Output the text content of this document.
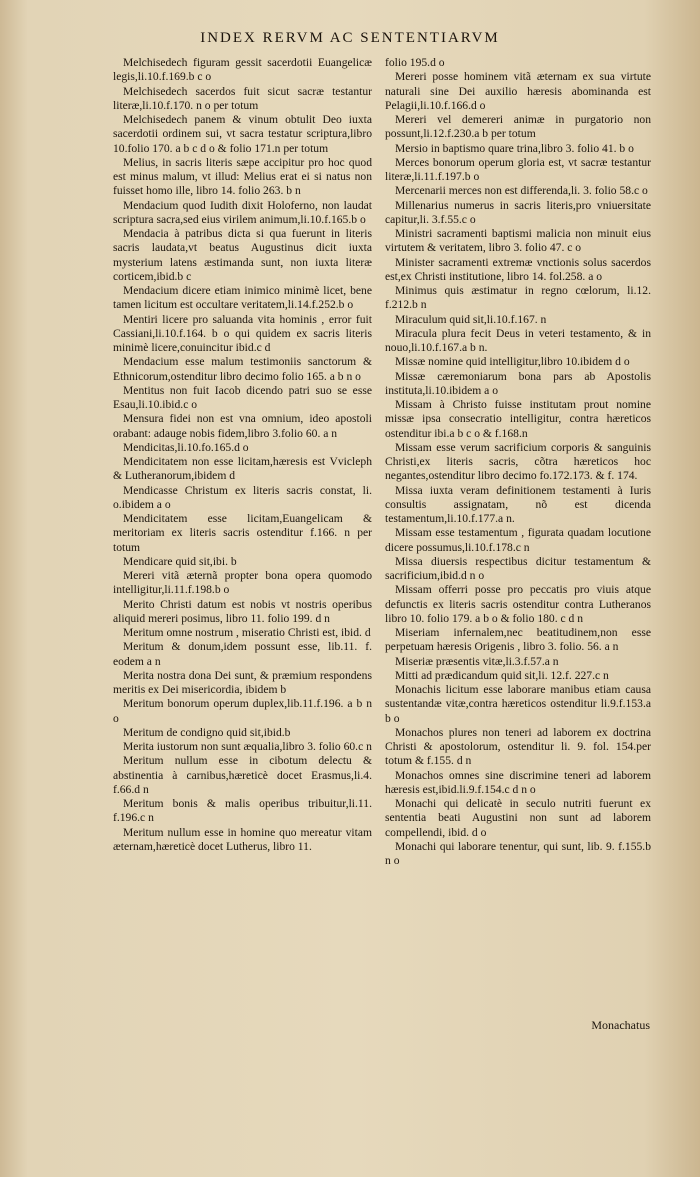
INDEX RERVM AC SENTENTIARVM

Melchisedech figuram gessit sacerdotii Euangelicæ legis,li.10.f.169.b c o

Melchisedech sacerdos fuit sicut sacræ testantur literæ,li.10.f.170. n o per totum

Melchisedech panem & vinum obtulit Deo iuxta sacerdotii ordinem sui, vt sacra testatur scriptura,libro 10.folio 170. a b c d o & folio 171.n per totum

Melius, in sacris literis sæpe accipitur pro hoc quod est minus malum, vt illud: Melius erat ei si natus non fuisset homo ille, libro 14. folio 263. b n

Mendacium quod Iudith dixit Holoferno, non laudat scriptura sacra,sed eius virilem animum,li.10.f.165.b o

Mendacia à patribus dicta si qua fuerunt in literis sacris laudata,vt beatus Augustinus dicit iuxta mysterium latens æstimanda sunt, non iuxta literæ corticem,ibid.b c

Mendacium dicere etiam inimico minimè licet, bene tamen licitum est occultare veritatem,li.14.f.252.b o

Mentiri licere pro saluanda vita hominis , error fuit Cassiani,li.10.f.164. b o qui quidem ex sacris literis minimè licere,conuincitur ibid.c d

Mendacium esse malum testimoniis sanctorum & Ethnicorum,ostenditur libro decimo folio 165. a b n o

Mentitus non fuit Iacob dicendo patri suo se esse Esau,li.10.ibid.c o

Mensura fidei non est vna omnium, ideo apostoli orabant: adauge nobis fidem,libro 3.folio 60. a n

Mendicitas,li.10.fo.165.d o

Mendicitatem non esse licitam,hæresis est Vvicleph & Lutheranorum,ibidem d

Mendicasse Christum ex literis sacris constat, li. o.ibidem a o

Mendicitatem esse licitam,Euangelicam & meritoriam ex literis sacris ostenditur f.166. n per totum

Mendicare quid sit,ibi. b

Mereri vitã æternã propter bona opera quomodo intelligitur,li.11.f.198.b o

Merito Christi datum est nobis vt nostris operibus aliquid mereri posimus, libro 11. folio 199. d n

Meritum omne nostrum , miseratio Christi est, ibid. d

Meritum & donum,idem possunt esse, lib.11. f. eodem a n

Merita nostra dona Dei sunt, & præmium respondens meritis ex Dei misericordia, ibidem b

Meritum bonorum operum duplex,lib.11.f.196. a b n o

Meritum de condigno quid sit,ibid.b

Merita iustorum non sunt æqualia,libro 3. folio 60.c n

Meritum nullum esse in cibotum delectu & abstinentia à carnibus,hæreticè docet Erasmus,li.4. f.66.d n

Meritum bonis & malis operibus tribuitur,li.11. f.196.c n

Meritum nullum esse in homine quo mereatur vitam æternam,hæreticè docet Lutherus, libro 11.

folio 195.d o

Mereri posse hominem vitã æternam ex sua virtute naturali sine Dei auxilio hæresis abominanda est Pelagii,li.10.f.166.d o

Mereri vel demereri animæ in purgatorio non possunt,li.12.f.230.a b per totum

Mersio in baptismo quare trina,libro 3. folio 41. b o

Merces bonorum operum gloria est, vt sacræ testantur literæ,li.11.f.197.b o

Mercenarii merces non est differenda,li. 3. folio 58.c o

Millenarius numerus in sacris literis,pro vniuersitate capitur,li. 3.f.55.c o

Ministri sacramenti baptismi malicia non minuit eius virtutem & veritatem, libro 3. folio 47. c o

Minister sacramenti extremæ vnctionis solus sacerdos est,ex Christi institutione, libro 14. fol.258. a o

Minimus quis æstimatur in regno cœlorum, li.12. f.212.b n

Miraculum quid sit,li.10.f.167. n

Miracula plura fecit Deus in veteri testamento, & in nouo,li.10.f.167.a b n.

Missæ nomine quid intelligitur,libro 10.ibidem d o

Missæ cæremoniarum bona pars ab Apostolis instituta,li.10.ibidem a o

Missam à Christo fuisse institutam prout nomine missæ ipsa consecratio intelligitur, contra hæreticos ostenditur ibi.a b c o & f.168.n

Missam esse verum sacrificium corporis & sanguinis Christi,ex literis sacris, cõtra hæreticos hoc negantes,ostenditur libro decimo fo.172.173. & f. 174.

Missa iuxta veram definitionem testamenti à Iuris consultis assignatam, nõ est dicenda testamentum,li.10.f.177.a n.

Missam esse testamentum , figurata quadam locutione dicere possumus,li.10.f.178.c n

Missa diuersis respectibus dicitur testamentum & sacrificium,ibid.d n o

Missam offerri posse pro peccatis pro viuis atque defunctis ex literis sacris ostenditur contra Lutheranos libro 10. folio 179. a b o & folio 180. c d n

Miseriam infernalem,nec beatitudinem,non esse perpetuam hæresis Origenis , libro 3. folio. 56. a n

Miseriæ præsentis vitæ,li.3.f.57.a n

Mitti ad prædicandum quid sit,li. 12.f. 227.c n

Monachis licitum esse laborare manibus etiam causa sustentandæ vitæ,contra hæreticos ostenditur li.9.f.153.a b o

Monachos plures non teneri ad laborem ex doctrina Christi & apostolorum, ostenditur li. 9. fol. 154.per totum & f.155. d n

Monachos omnes sine discrimine teneri ad laborem hæresis est,ibid.li.9.f.154.c d n o

Monachi qui delicatè in seculo nutriti fuerunt ex sententia beati Augustini non sunt ad laborem compellendi, ibid. d o

Monachi qui laborare tenentur, qui sunt, lib. 9. f.155.b n o

Monachatus
